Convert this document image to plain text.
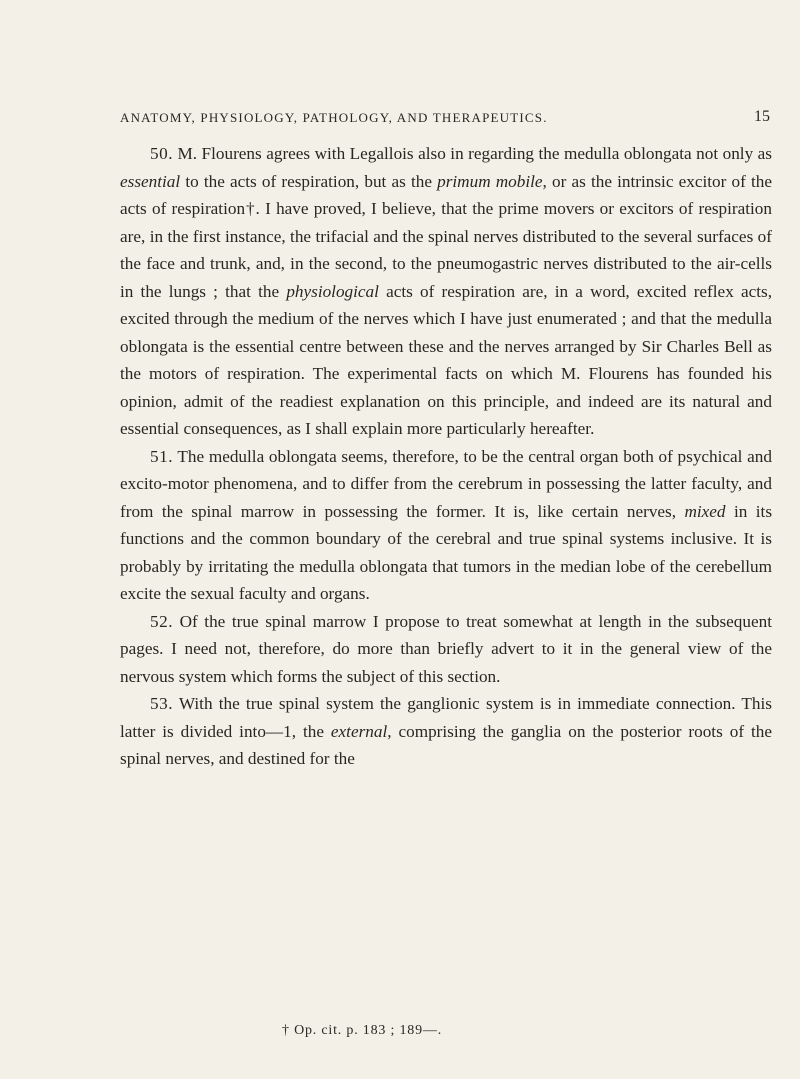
ANATOMY, PHYSIOLOGY, PATHOLOGY, AND THERAPEUTICS.	15

50. M. Flourens agrees with Legallois also in regarding the medulla oblongata not only as essential to the acts of respiration, but as the primum mobile, or as the intrinsic excitor of the acts of respiration†. I have proved, I believe, that the prime movers or excitors of respiration are, in the first instance, the trifacial and the spinal nerves distributed to the several surfaces of the face and trunk, and, in the second, to the pneumogastric nerves distributed to the air-cells in the lungs ; that the physiological acts of respiration are, in a word, excited reflex acts, excited through the medium of the nerves which I have just enumerated ; and that the medulla oblongata is the essential centre between these and the nerves arranged by Sir Charles Bell as the motors of respiration. The experimental facts on which M. Flourens has founded his opinion, admit of the readiest explanation on this principle, and indeed are its natural and essential consequences, as I shall explain more particularly hereafter.

51. The medulla oblongata seems, therefore, to be the central organ both of psychical and excito-motor phenomena, and to differ from the cerebrum in possessing the latter faculty, and from the spinal marrow in possessing the former. It is, like certain nerves, mixed in its functions and the common boundary of the cerebral and true spinal systems inclusive. It is probably by irritating the medulla oblongata that tumors in the median lobe of the cerebellum excite the sexual faculty and organs.

52. Of the true spinal marrow I propose to treat somewhat at length in the subsequent pages. I need not, therefore, do more than briefly advert to it in the general view of the nervous system which forms the subject of this section.

53. With the true spinal system the ganglionic system is in immediate connection. This latter is divided into—1, the external, comprising the ganglia on the posterior roots of the spinal nerves, and destined for the

† Op. cit. p. 183 ; 189—.
